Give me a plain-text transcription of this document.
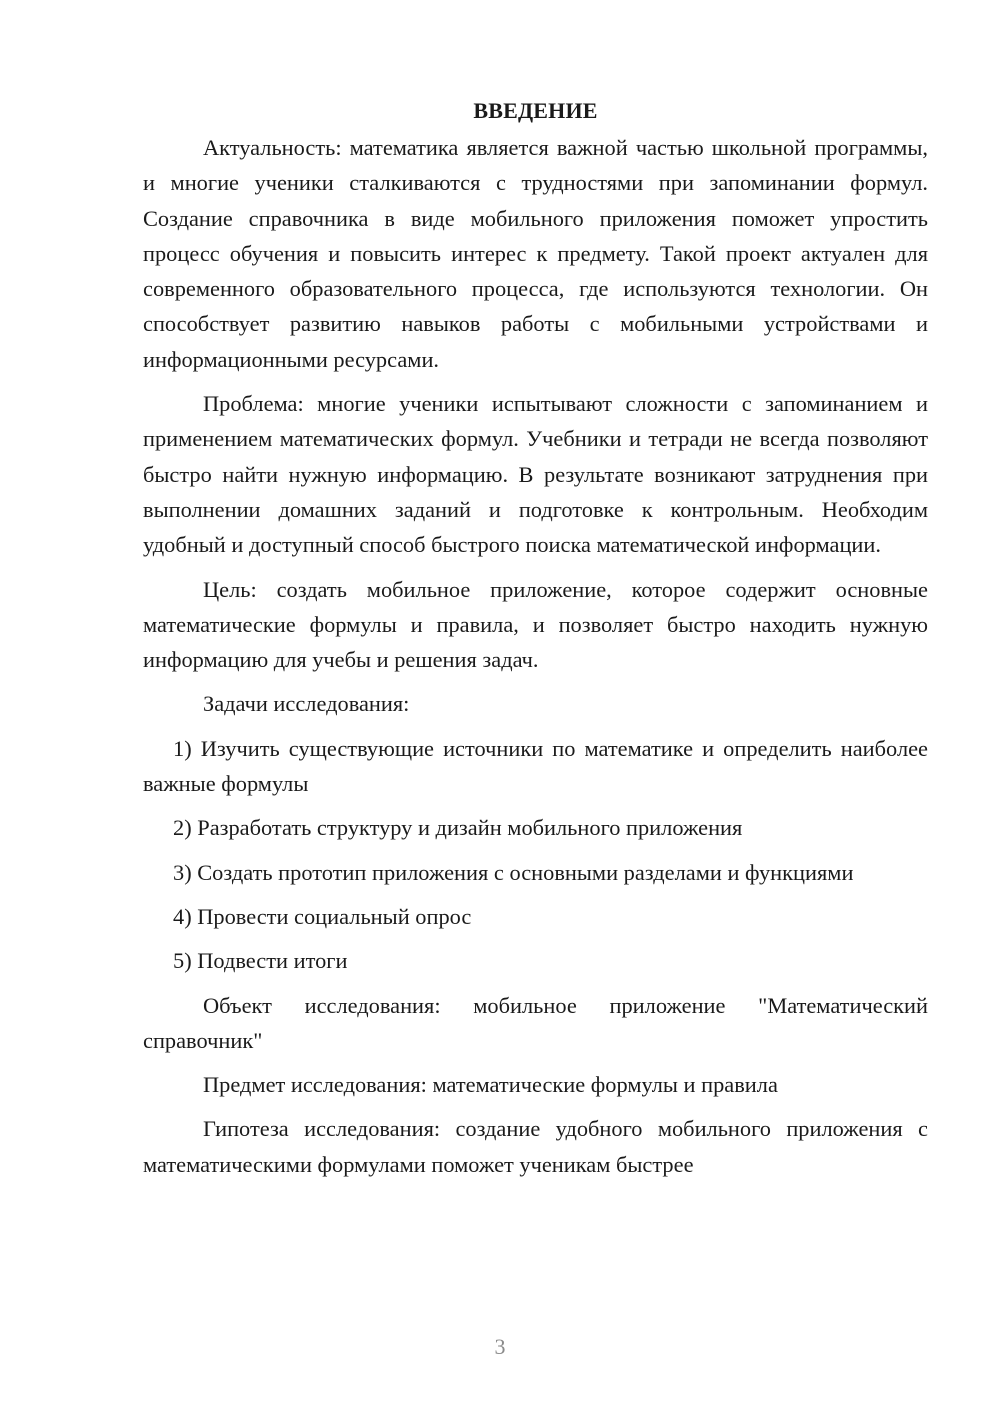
ВВЕДЕНИЕ

Актуальность: математика является важной частью школьной программы, и многие ученики сталкиваются с трудностями при запоминании формул. Создание справочника в виде мобильного приложения поможет упростить процесс обучения и повысить интерес к предмету. Такой проект актуален для современного образовательного процесса, где используются технологии. Он способствует развитию навыков работы с мобильными устройствами и информационными ресурсами.

Проблема: многие ученики испытывают сложности с запоминанием и применением математических формул. Учебники и тетради не всегда позволяют быстро найти нужную информацию. В результате возникают затруднения при выполнении домашних заданий и подготовке к контрольным. Необходим удобный и доступный способ быстрого поиска математической информации.

Цель: создать мобильное приложение, которое содержит основные математические формулы и правила, и позволяет быстро находить нужную информацию для учебы и решения задач.

Задачи исследования:

1) Изучить существующие источники по математике и определить наиболее важные формулы

2) Разработать структуру и дизайн мобильного приложения

3) Создать прототип приложения с основными разделами и функциями

4) Провести социальный опрос

5) Подвести итоги

Объект исследования: мобильное приложение "Математический справочник"

Предмет исследования: математические формулы и правила

Гипотеза исследования: создание удобного мобильного приложения с математическими формулами поможет ученикам быстрее

3
